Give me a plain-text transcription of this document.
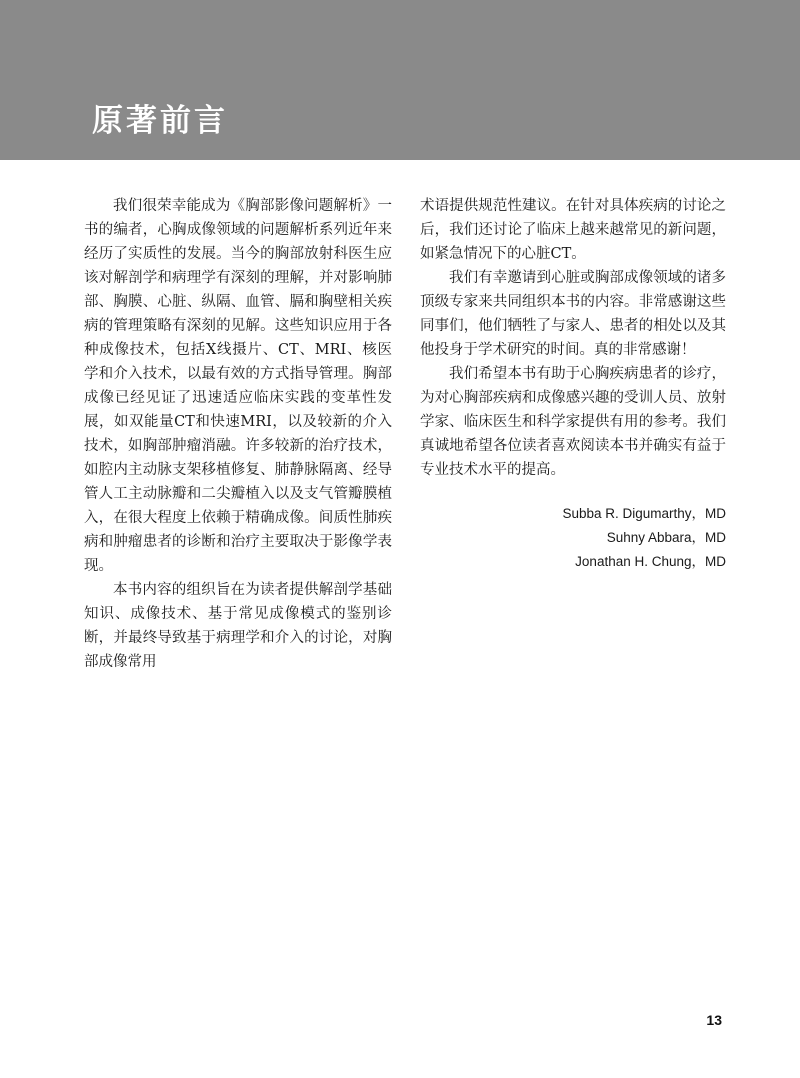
原著前言

我们很荣幸能成为《胸部影像问题解析》一书的编者，心胸成像领域的问题解析系列近年来经历了实质性的发展。当今的胸部放射科医生应该对解剖学和病理学有深刻的理解，并对影响肺部、胸膜、心脏、纵隔、血管、膈和胸壁相关疾病的管理策略有深刻的见解。这些知识应用于各种成像技术，包括X线摄片、CT、MRI、核医学和介入技术，以最有效的方式指导管理。胸部成像已经见证了迅速适应临床实践的变革性发展，如双能量CT和快速MRI，以及较新的介入技术，如胸部肿瘤消融。许多较新的治疗技术，如腔内主动脉支架移植修复、肺静脉隔离、经导管人工主动脉瓣和二尖瓣植入以及支气管瓣膜植入，在很大程度上依赖于精确成像。间质性肺疾病和肿瘤患者的诊断和治疗主要取决于影像学表现。

本书内容的组织旨在为读者提供解剖学基础知识、成像技术、基于常见成像模式的鉴别诊断，并最终导致基于病理学和介入的讨论，对胸部成像常用

术语提供规范性建议。在针对具体疾病的讨论之后，我们还讨论了临床上越来越常见的新问题，如紧急情况下的心脏CT。

我们有幸邀请到心脏或胸部成像领域的诸多顶级专家来共同组织本书的内容。非常感谢这些同事们，他们牺牲了与家人、患者的相处以及其他投身于学术研究的时间。真的非常感谢！

我们希望本书有助于心胸疾病患者的诊疗，为对心胸部疾病和成像感兴趣的受训人员、放射学家、临床医生和科学家提供有用的参考。我们真诚地希望各位读者喜欢阅读本书并确实有益于专业技术水平的提高。

Subba R. Digumarthy，MD
Suhny Abbara，MD
Jonathan H. Chung，MD
13
